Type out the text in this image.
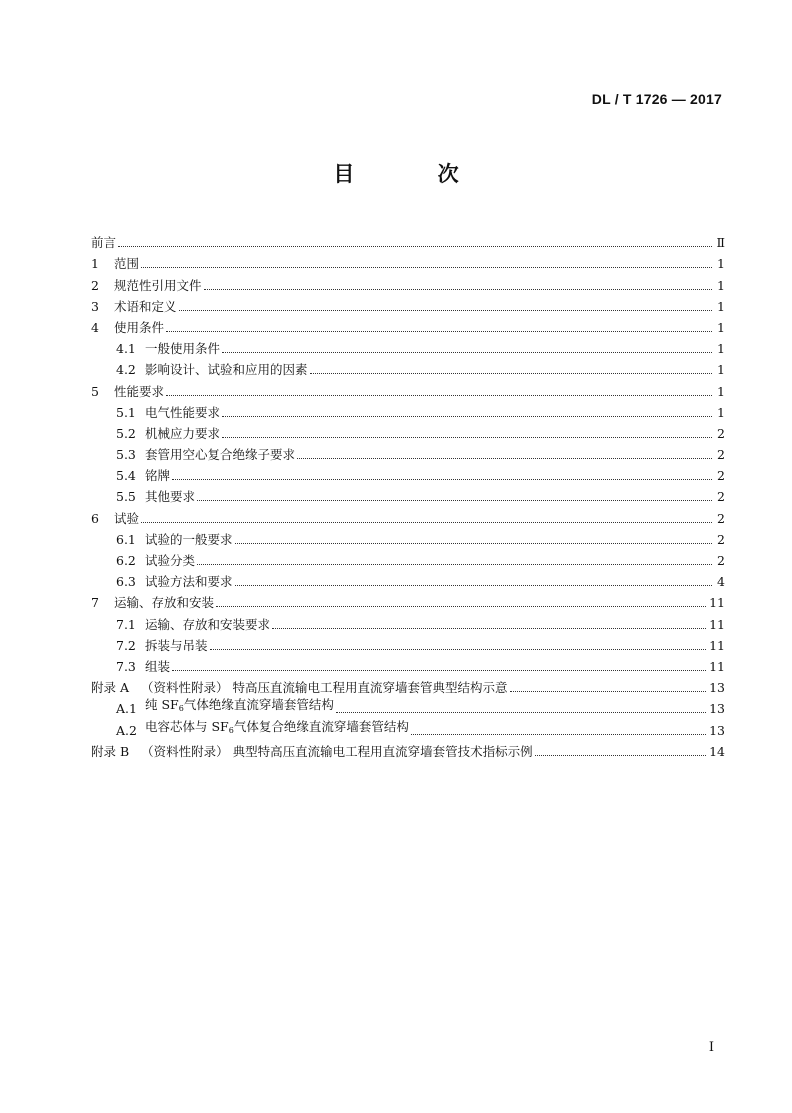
DL / T 1726 — 2017
目 次
前言	Ⅱ
1	范围	1
2	规范性引用文件	1
3	术语和定义	1
4	使用条件	1
4.1 一般使用条件	1
4.2 影响设计、试验和应用的因素	1
5	性能要求	1
5.1 电气性能要求	1
5.2 机械应力要求	2
5.3 套管用空心复合绝缘子要求	2
5.4 铭牌	2
5.5 其他要求	2
6	试验	2
6.1 试验的一般要求	2
6.2 试验分类	2
6.3 试验方法和要求	4
7	运输、存放和安装	11
7.1 运输、存放和安装要求	11
7.2 拆装与吊装	11
7.3 组装	11
附录 A （资料性附录） 特高压直流输电工程用直流穿墙套管典型结构示意	13
A.1 纯 $SF_6$气体绝缘直流穿墙套管结构	13
A.2 电容芯体与 $SF_6$气体复合绝缘直流穿墙套管结构	13
附录 B （资料性附录） 典型特高压直流输电工程用直流穿墙套管技术指标示例	14
I
